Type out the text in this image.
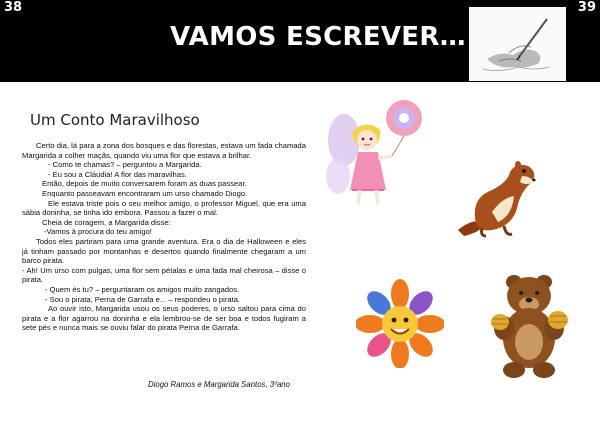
38	39
VAMOS ESCREVER…
Um Conto Maravilhoso

Certo dia, lá para a zona dos bosques e das florestas, estava um fada chamada Margarida a colher maçãs, quando viu uma flor que estava a brilhar.

- Como te chamas? – perguntou a Margarida.

- Eu sou a Cláudia! A flor das maravilhas.

Então, depois de muito conversarem foram as duas passear.

Enquanto passeavam encontraram um urso chamado Diogo.

Ele estava triste pois o seu melhor amigo, o professor Miguel, que era uma sábia doninha, se tinha ido embora. Passou a fazer o mal.

Cheia de coragem, a Margarida disse:

-Vamos à procura do teu amigo!

Todos eles partiram para uma grande aventura. Era o dia de Halloween e eles já tinham passado por montanhas e desertos quando finalmente chegaram a um barco pirata.

- Ah! Um urso com pulgas, uma flor sem pétalas e uma fada mal cheirosa – disse o pirata.

- Quem és tu? – perguntaram os amigos muito zangados.

- Sou o pirata, Perna de Garrafa e... – respondeu o pirata.

Ao ouvir isto, Margarida usou os seus poderes, o urso saltou para cima do pirata e a flor agarrou na doninha e ela lembrou-se de ser boa e todos fugiram a sete pés e nunca mais se ouviu falar do pirata Perna de Garrafa.

Diogo Ramos e Margarida Santos, 3ºano
